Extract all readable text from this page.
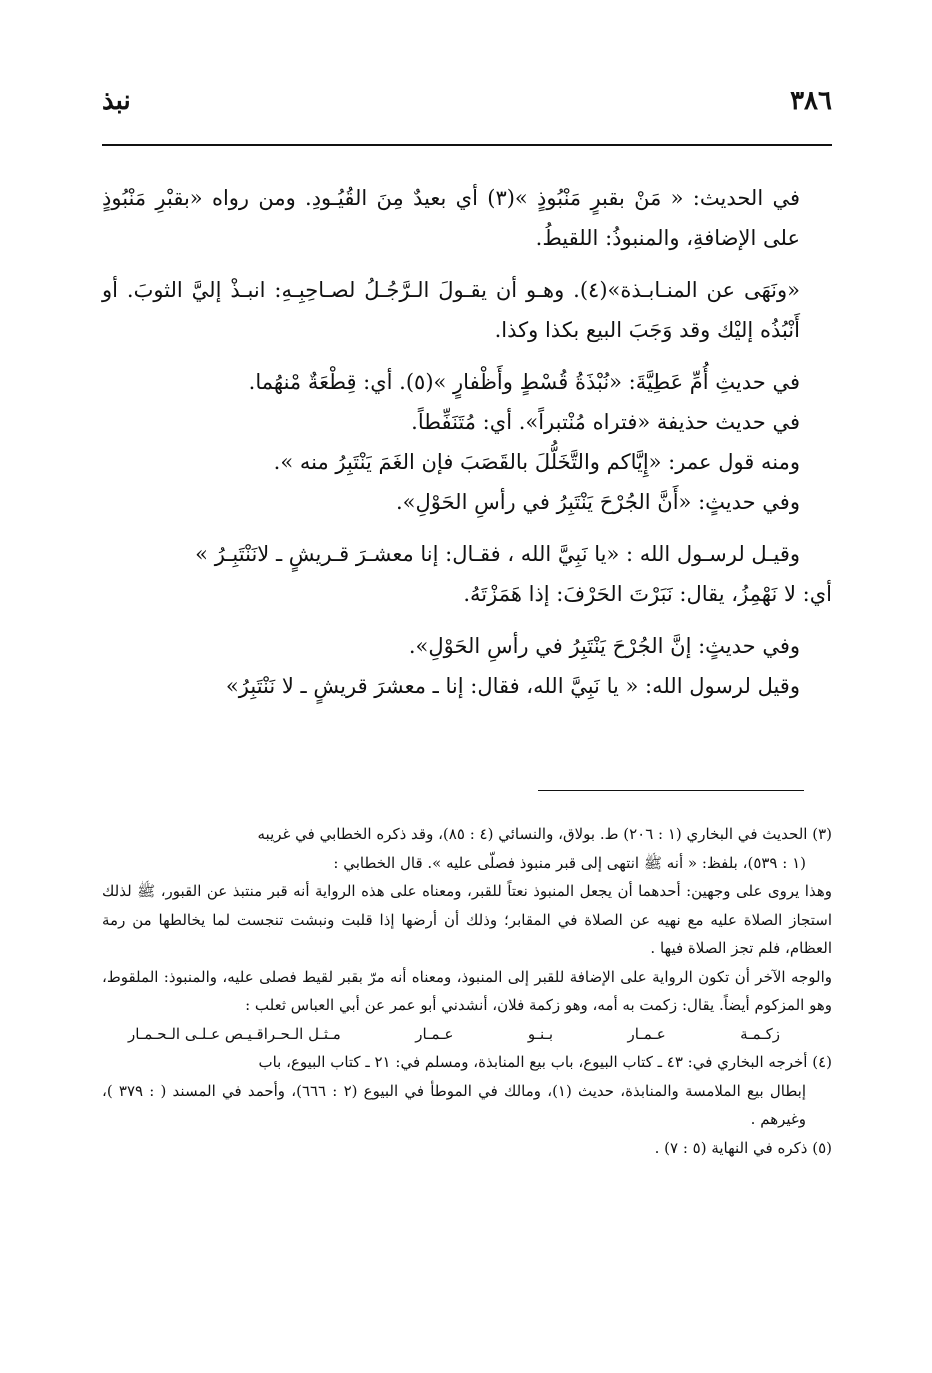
٣٨٦
نبذ

في الحديث: « مَنْ بقبرٍ مَنْبُوذٍ »(٣) أي بعيدٌ مِنَ القُيُـودِ. ومن رواه «بقبْرِ مَنْبُوذٍ على الإضافةِ، والمنبوذُ: اللقيطُ.

«ونَهَى عن المنـابـذة»(٤). وهـو أن يقـولَ الـرَّجُـلُ لصـاحِبِـهِ: انبـذْ إليَّ الثوبَ. أو أَنْبُذُه إليْك وقد وَجَبَ البيع بكذا وكذا.

في حديثِ أُمِّ عَطِيَّةَ: «نُبْذَةُ قُسْطٍ وأَظْفارٍ »(٥). أي: قِطْعَةٌ مْنهُما.

في حديث حذيفة «فتراه مُنْتبراً». أي: مُتَنَفِّطاً.

ومنه قول عمر: «إِيَّاكم والتَّخَلُّلَ بالقَصَبَ فإن الغَمَ يَنْتَبِرُ منه ».

وفي حديثٍ: «أَنَّ الجُرْحَ يَنْتَبِرُ في رأسِ الحَوْلِ».

وقيـل لرسـول الله : «يا نَبِيَّ الله ، فقـال: إنا معشـرَ قـريشٍ ـ لانَنْتَبِـرُ »

أي: لا نَهْمِزُ، يقال: نَبَرْتَ الحَرْفَ: إذا هَمَزْتَهُ.

وفي حديثٍ: إنَّ الجُرْحَ يَنْتَبِرُ في رأسِ الحَوْلِ».

وقيل لرسول الله: « يا نَبِيَّ الله، فقال: إنا ـ معشرَ قريشٍ ـ لا نَنْتَبِرُ»

(٣) الحديث في البخاري (١ : ٢٠٦) ط. بولاق، والنسائي (٤ : ٨٥)، وقد ذكره الخطابي في غريبه

(١ : ٥٣٩)، بلفظ: « أنه ﷺ انتهى إلى قبر منبوذ فصلّى عليه ». قال الخطابي :

وهذا يروى على وجهين: أحدهما أن يجعل المنبوذ نعتاً للقبر، ومعناه على هذه الرواية أنه قبر منتبذ عن القبور، ﷺ لذلك استجاز الصلاة عليه مع نهيه عن الصلاة في المقابر؛ وذلك أن أرضها إذا قلبت ونبشت تنجست لما يخالطها من رمة العظام، فلم تجز الصلاة فيها .

والوجه الآخر أن تكون الرواية على الإضافة للقبر إلى المنبوذ، ومعناه أنه مرّ بقبر لقيط فصلى عليه، والمنبوذ: الملقوط، وهو المزكوم أيضاً. يقال: زكمت به أمه، وهو زكمة فلان، أنشدني أبو عمر عن أبي العباس ثعلب :

زكـمـة
عـمـار
بـنـو
عـمـار
مـثـل الـحـراقـيـص عـلـى الـحـمـار

(٤) أخرجه البخاري في: ٤٣ ـ كتاب البيوع، باب بيع المنابذة، ومسلم في: ٢١ ـ كتاب البيوع، باب

إبطال بيع الملامسة والمنابذة، حديث (١)، ومالك في الموطأ في البيوع (٢ : ٦٦٦)، وأحمد في المسند ( : ٣٧٩ )، وغيرهم .

(٥) ذكره في النهاية (٥ : ٧) .
